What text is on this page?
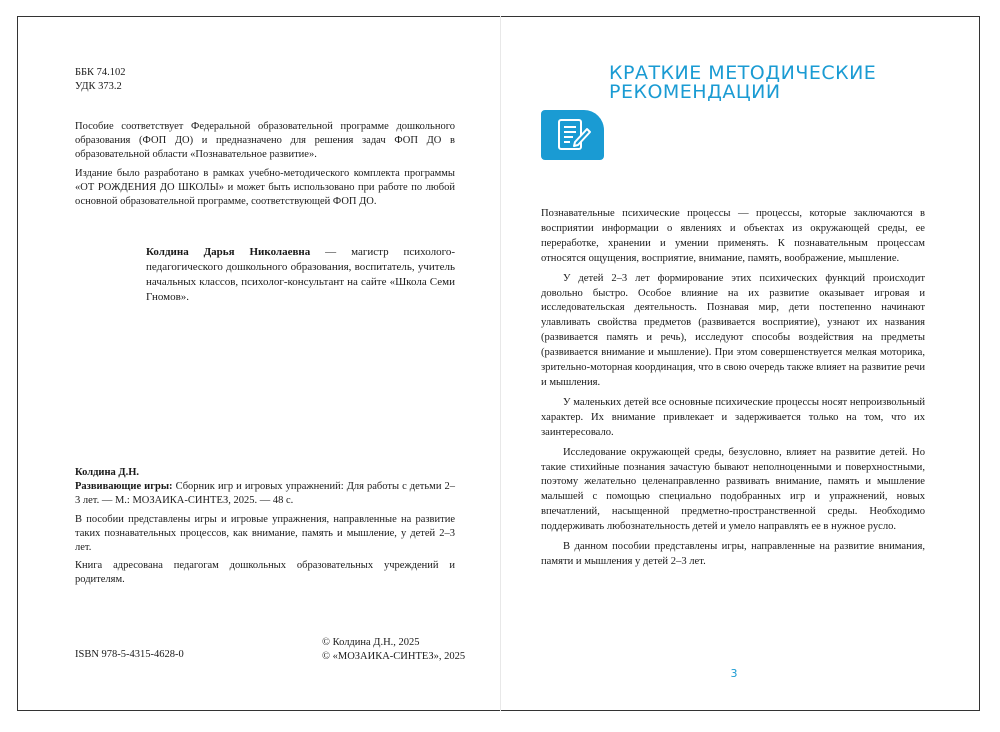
ББК 74.102
УДК 373.2

Пособие соответствует Федеральной образовательной программе дошкольного образования (ФОП ДО) и предназначено для решения задач ФОП ДО в образовательной области «Познавательное развитие».

Издание было разработано в рамках учебно-методического комплекта программы «ОТ РОЖДЕНИЯ ДО ШКОЛЫ» и может быть использовано при работе по любой основной образовательной программе, соответствующей ФОП ДО.

Колдина Дарья Николаевна — магистр психолого-педагогического дошкольного образования, воспитатель, учитель начальных классов, психолог-консультант на сайте «Школа Семи Гномов».

Колдина Д.Н.

Развивающие игры: Сборник игр и игровых упражнений: Для работы с детьми 2–3 лет. — М.: МОЗАИКА-СИНТЕЗ, 2025. — 48 с.

В пособии представлены игры и игровые упражнения, направленные на развитие таких познавательных процессов, как внимание, память и мышление, у детей 2–3 лет.

Книга адресована педагогам дошкольных образовательных учреждений и родителям.

ISBN 978-5-4315-4628-0
© Колдина Д.Н., 2025
© «МОЗАИКА-СИНТЕЗ», 2025
КРАТКИЕ МЕТОДИЧЕСКИЕ
РЕКОМЕНДАЦИИ

Познавательные психические процессы — процессы, которые заключаются в восприятии информации о явлениях и объектах из окружающей среды, ее переработке, хранении и умении применять. К познавательным процессам относятся ощущения, восприятие, внимание, память, воображение, мышление.

У детей 2–3 лет формирование этих психических функций происходит довольно быстро. Особое влияние на их развитие оказывает игровая и исследовательская деятельность. Познавая мир, дети постепенно начинают улавливать свойства предметов (развивается восприятие), узнают их названия (развивается память и речь), исследуют способы воздействия на предметы (развивается внимание и мышление). При этом совершенствуется мелкая моторика, зрительно-моторная координация, что в свою очередь также влияет на развитие речи и мышления.

У маленьких детей все основные психические процессы носят непроизвольный характер. Их внимание привлекает и задерживается только на том, что их заинтересовало.

Исследование окружающей среды, безусловно, влияет на развитие детей. Но такие стихийные познания зачастую бывают неполноценными и поверхностными, поэтому желательно целенаправленно развивать внимание, память и мышление малышей с помощью специально подобранных игр и упражнений, новых впечатлений, насыщенной предметно-пространственной среды. Необходимо поддерживать любознательность детей и умело направлять ее в нужное русло.

В данном пособии представлены игры, направленные на развитие внимания, памяти и мышления у детей 2–3 лет.

3
